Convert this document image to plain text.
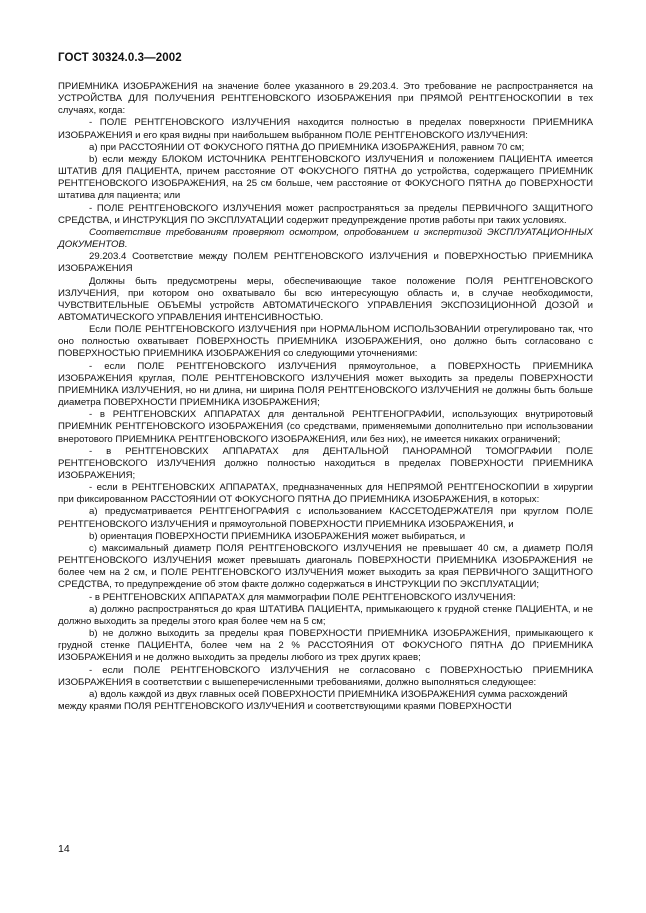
ГОСТ 30324.0.3—2002

ПРИЕМНИКА ИЗОБРАЖЕНИЯ на значение более указанного в 29.203.4. Это требование не распространяется на УСТРОЙСТВА ДЛЯ ПОЛУЧЕНИЯ РЕНТГЕНОВСКОГО ИЗОБРАЖЕНИЯ при ПРЯМОЙ РЕНТГЕНОСКОПИИ в тех случаях, когда:

- ПОЛЕ РЕНТГЕНОВСКОГО ИЗЛУЧЕНИЯ находится полностью в пределах поверхности ПРИЕМНИКА ИЗОБРАЖЕНИЯ и его края видны при наибольшем выбранном ПОЛЕ РЕНТГЕНОВСКОГО ИЗЛУЧЕНИЯ:

а) при РАССТОЯНИИ ОТ ФОКУСНОГО ПЯТНА ДО ПРИЕМНИКА ИЗОБРАЖЕНИЯ, равном 70 см;

b) если между БЛОКОМ ИСТОЧНИКА РЕНТГЕНОВСКОГО ИЗЛУЧЕНИЯ и положением ПАЦИЕНТА имеется ШТАТИВ ДЛЯ ПАЦИЕНТА, причем расстояние ОТ ФОКУСНОГО ПЯТНА до устройства, содержащего ПРИЕМНИК РЕНТГЕНОВСКОГО ИЗОБРАЖЕНИЯ, на 25 см больше, чем расстояние от ФОКУСНОГО ПЯТНА до ПОВЕРХНОСТИ штатива для пациента; или

- ПОЛЕ РЕНТГЕНОВСКОГО ИЗЛУЧЕНИЯ может распространяться за пределы ПЕРВИЧНОГО ЗАЩИТНОГО СРЕДСТВА, и ИНСТРУКЦИЯ ПО ЭКСПЛУАТАЦИИ содержит предупреждение против работы при таких условиях.

Соответствие требованиям проверяют осмотром, опробованием и экспертизой ЭКСПЛУАТАЦИОННЫХ ДОКУМЕНТОВ.

29.203.4 Соответствие между ПОЛЕМ РЕНТГЕНОВСКОГО ИЗЛУЧЕНИЯ и ПОВЕРХНОСТЬЮ ПРИЕМНИКА ИЗОБРАЖЕНИЯ

Должны быть предусмотрены меры, обеспечивающие такое положение ПОЛЯ РЕНТГЕНОВСКОГО ИЗЛУЧЕНИЯ, при котором оно охватывало бы всю интересующую область и, в случае необходимости, ЧУВСТВИТЕЛЬНЫЕ ОБЪЕМЫ устройств АВТОМАТИЧЕСКОГО УПРАВЛЕНИЯ ЭКСПОЗИЦИОННОЙ ДОЗОЙ и АВТОМАТИЧЕСКОГО УПРАВЛЕНИЯ ИНТЕНСИВНОСТЬЮ.

Если ПОЛЕ РЕНТГЕНОВСКОГО ИЗЛУЧЕНИЯ при НОРМАЛЬНОМ ИСПОЛЬЗОВАНИИ отрегулировано так, что оно полностью охватывает ПОВЕРХНОСТЬ ПРИЕМНИКА ИЗОБРАЖЕНИЯ, оно должно быть согласовано с ПОВЕРХНОСТЬЮ ПРИЕМНИКА ИЗОБРАЖЕНИЯ со следующими уточнениями:

- если ПОЛЕ РЕНТГЕНОВСКОГО ИЗЛУЧЕНИЯ прямоугольное, а ПОВЕРХНОСТЬ ПРИЕМНИКА ИЗОБРАЖЕНИЯ круглая, ПОЛЕ РЕНТГЕНОВСКОГО ИЗЛУЧЕНИЯ может выходить за пределы ПОВЕРХНОСТИ ПРИЕМНИКА ИЗЛУЧЕНИЯ, но ни длина, ни ширина ПОЛЯ РЕНТГЕНОВСКОГО ИЗЛУЧЕНИЯ не должны быть больше диаметра ПОВЕРХНОСТИ ПРИЕМНИКА ИЗОБРАЖЕНИЯ;

- в РЕНТГЕНОВСКИХ АППАРАТАХ для дентальной РЕНТГЕНОГРАФИИ, использующих внутриротовый ПРИЕМНИК РЕНТГЕНОВСКОГО ИЗОБРАЖЕНИЯ (со средствами, применяемыми дополнительно при использовании внеротового ПРИЕМНИКА РЕНТГЕНОВСКОГО ИЗОБРАЖЕНИЯ, или без них), не имеется никаких ограничений;

- в РЕНТГЕНОВСКИХ АППАРАТАХ для ДЕНТАЛЬНОЙ ПАНОРАМНОЙ ТОМОГРАФИИ ПОЛЕ РЕНТГЕНОВСКОГО ИЗЛУЧЕНИЯ должно полностью находиться в пределах ПОВЕРХНОСТИ ПРИЕМНИКА ИЗОБРАЖЕНИЯ;

- если в РЕНТГЕНОВСКИХ АППАРАТАХ, предназначенных для НЕПРЯМОЙ РЕНТГЕНОСКОПИИ в хирургии при фиксированном РАССТОЯНИИ ОТ ФОКУСНОГО ПЯТНА ДО ПРИЕМНИКА ИЗОБРАЖЕНИЯ, в которых:

а) предусматривается РЕНТГЕНОГРАФИЯ с использованием КАССЕТОДЕРЖАТЕЛЯ при круглом ПОЛЕ РЕНТГЕНОВСКОГО ИЗЛУЧЕНИЯ и прямоугольной ПОВЕРХНОСТИ ПРИЕМНИКА ИЗОБРАЖЕНИЯ, и

b) ориентация ПОВЕРХНОСТИ ПРИЕМНИКА ИЗОБРАЖЕНИЯ может выбираться, и

с) максимальный диаметр ПОЛЯ РЕНТГЕНОВСКОГО ИЗЛУЧЕНИЯ не превышает 40 см, а диаметр ПОЛЯ РЕНТГЕНОВСКОГО ИЗЛУЧЕНИЯ может превышать диагональ ПОВЕРХНОСТИ ПРИЕМНИКА ИЗОБРАЖЕНИЯ не более чем на 2 см, и ПОЛЕ РЕНТГЕНОВСКОГО ИЗЛУЧЕНИЯ может выходить за края ПЕРВИЧНОГО ЗАЩИТНОГО СРЕДСТВА, то предупреждение об этом факте должно содержаться в ИНСТРУКЦИИ ПО ЭКСПЛУАТАЦИИ;

- в РЕНТГЕНОВСКИХ АППАРАТАХ для маммографии ПОЛЕ РЕНТГЕНОВСКОГО ИЗЛУЧЕНИЯ:

а) должно распространяться до края ШТАТИВА ПАЦИЕНТА, примыкающего к грудной стенке ПАЦИЕНТА, и не должно выходить за пределы этого края более чем на 5 см;

b) не должно выходить за пределы края ПОВЕРХНОСТИ ПРИЕМНИКА ИЗОБРАЖЕНИЯ, примыкающего к грудной стенке ПАЦИЕНТА, более чем на 2 % РАССТОЯНИЯ ОТ ФОКУСНОГО ПЯТНА ДО ПРИЕМНИКА ИЗОБРАЖЕНИЯ и не должно выходить за пределы любого из трех других краев;

- если ПОЛЕ РЕНТГЕНОВСКОГО ИЗЛУЧЕНИЯ не согласовано с ПОВЕРХНОСТЬЮ ПРИЕМНИКА ИЗОБРАЖЕНИЯ в соответствии с вышеперечисленными требованиями, должно выполняться следующее:

а) вдоль каждой из двух главных осей ПОВЕРХНОСТИ ПРИЕМНИКА ИЗОБРАЖЕНИЯ сумма расхождений между краями ПОЛЯ РЕНТГЕНОВСКОГО ИЗЛУЧЕНИЯ и соответствующими краями ПОВЕРХНОСТИ

14
